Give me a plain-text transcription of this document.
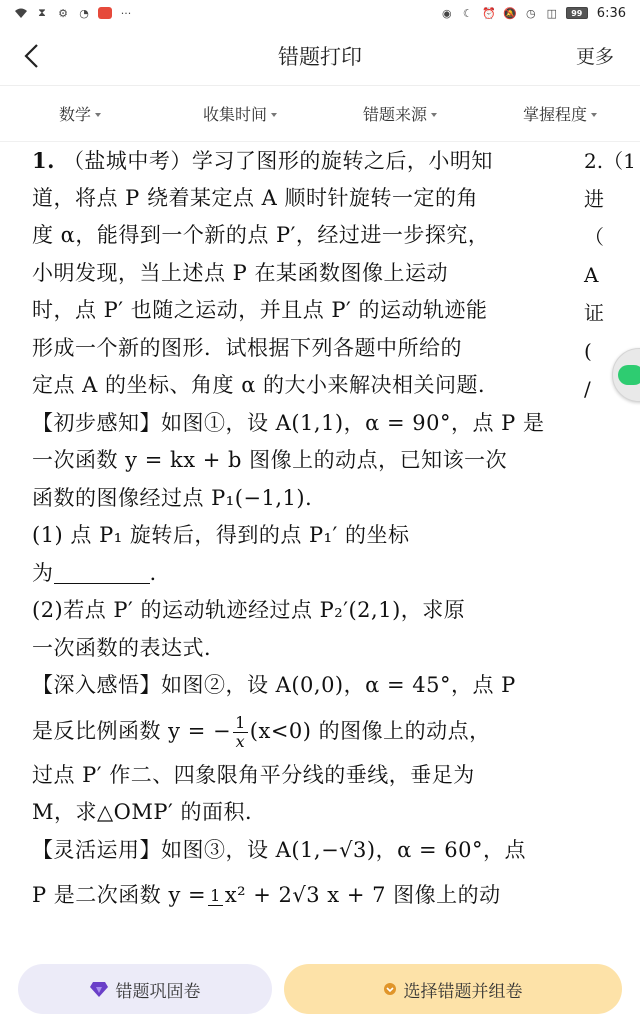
⧗ ⚙ ◔	···	◉ ☾ ⏰ 🔕 ◷ ◫	99	6:36
错题打印	更多
数学	收集时间	错题来源	掌握程度
1. （盐城中考）学习了图形的旋转之后，小明知
道，将点 P 绕着某定点 A 顺时针旋转一定的角
度 α，能得到一个新的点 P′，经过进一步探究，
小明发现，当上述点 P 在某函数图像上运动
时，点 P′ 也随之运动，并且点 P′ 的运动轨迹能
形成一个新的图形．试根据下列各题中所给的
定点 A 的坐标、角度 α 的大小来解决相关问题．
【初步感知】如图①，设 A(1,1)，α = 90°，点 P 是
一次函数 y = kx + b 图像上的动点，已知该一次
函数的图像经过点 P₁(−1,1)．
(1) 点 P₁ 旋转后，得到的点 P₁′ 的坐标
为	.
(2)若点 P′ 的运动轨迹经过点 P₂′(2,1)，求原
一次函数的表达式．
【深入感悟】如图②，设 A(0,0)，α = 45°，点 P
是反比例函数 y = − $\frac{1}{x} (x<0)$ 的图像上的动点，
过点 P′ 作二、四象限角平分线的垂线，垂足为
M，求△OMP′ 的面积．
【灵活运用】如图③，设 A(1,−√3)，α = 60°，点
P 是二次函数 y = 1 x² + 2√3 x + 7 图像上的动
2.（1
进
（
A
证
(
/
错题巩固卷	选择错题并组卷
